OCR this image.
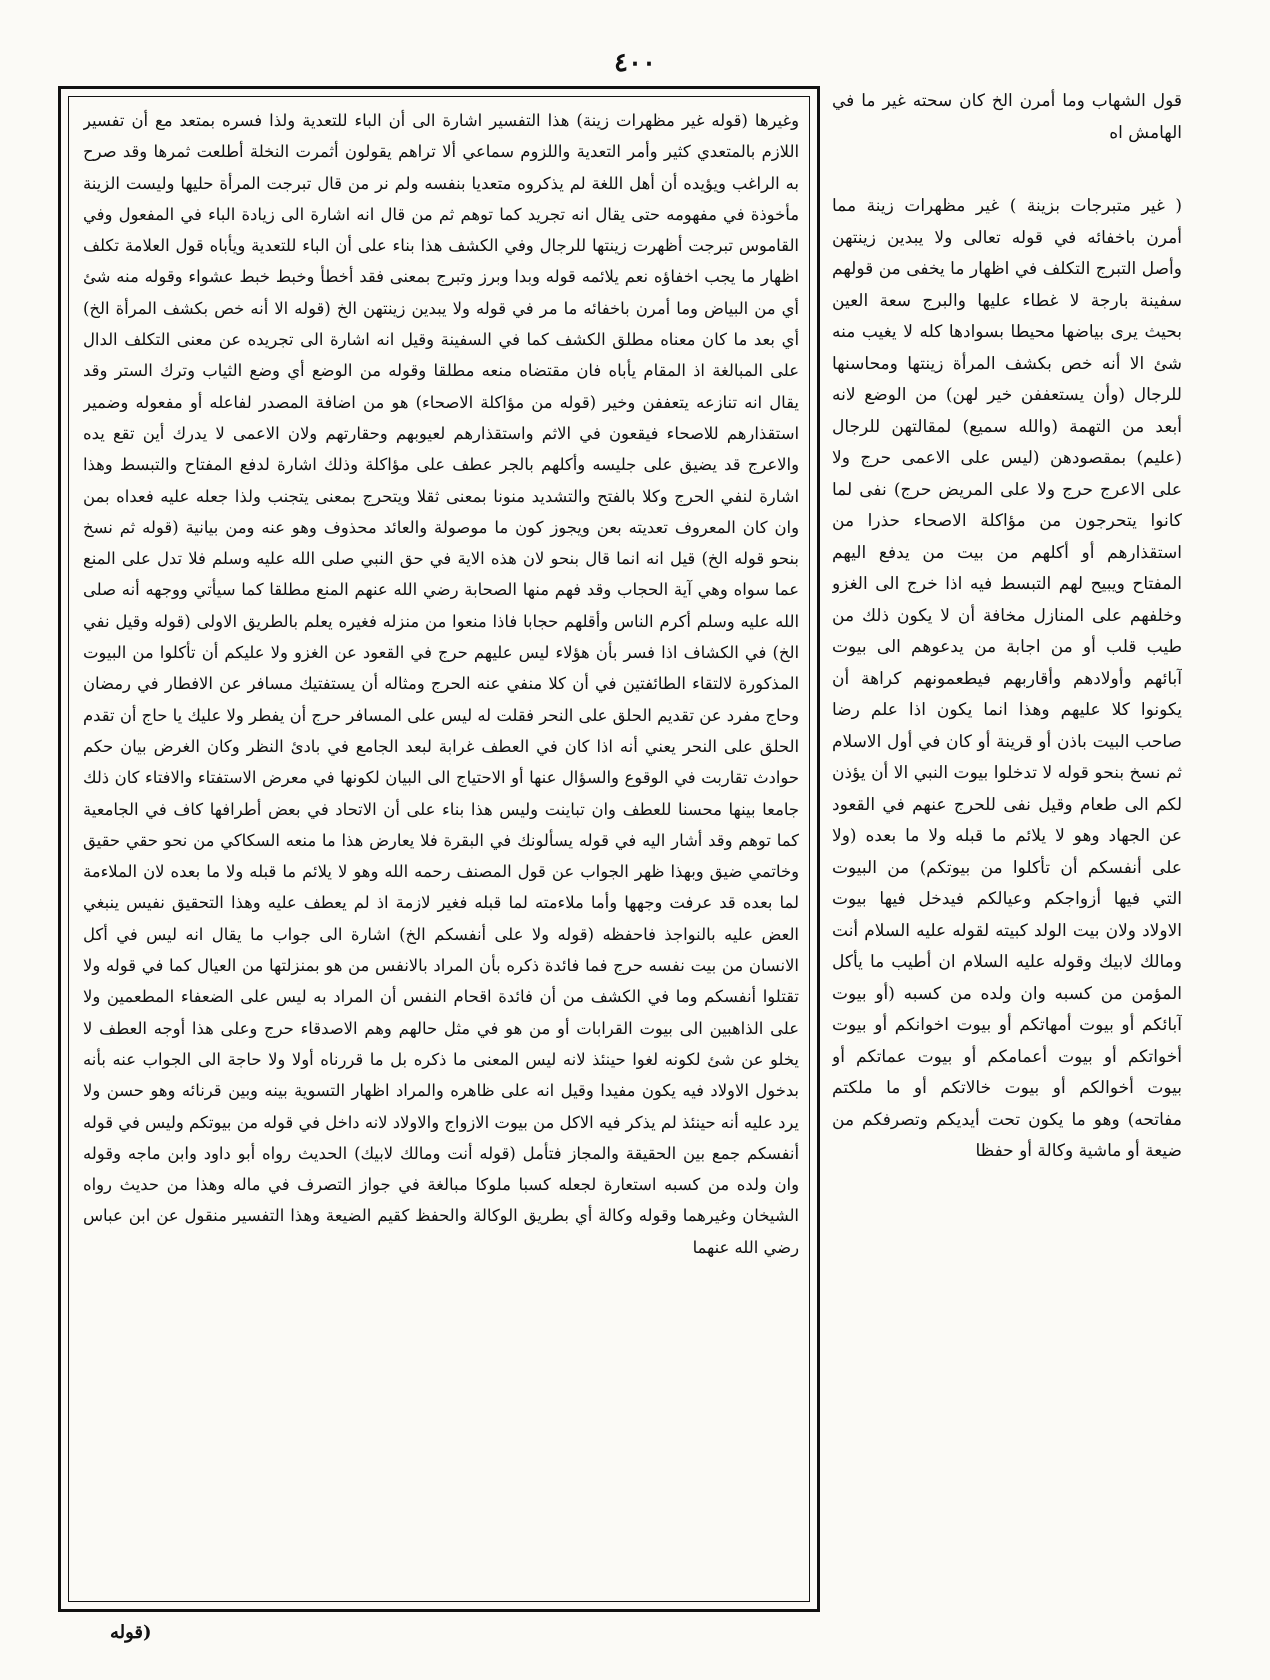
٤٠٠

قول الشهاب وما أمرن الخ كان سحته غير ما في الهامش اه

( غير متبرجات بزينة ) غير مظهرات زينة مما أمرن باخفائه في قوله تعالى ولا يبدين زينتهن وأصل التبرج التكلف في اظهار ما يخفى من قولهم سفينة بارجة لا غطاء عليها والبرج سعة العين بحيث يرى بياضها محيطا بسوادها كله لا يغيب منه شئ الا أنه خص بكشف المرأة زينتها ومحاسنها للرجال (وأن يستعففن خير لهن) من الوضع لانه أبعد من التهمة (والله سميع) لمقالتهن للرجال (عليم) بمقصودهن (ليس على الاعمى حرج ولا على الاعرج حرج ولا على المريض حرج) نفى لما كانوا يتحرجون من مؤاكلة الاصحاء حذرا من استقذارهم أو أكلهم من بيت من يدفع اليهم المفتاح ويبيح لهم التبسط فيه اذا خرج الى الغزو وخلفهم على المنازل مخافة أن لا يكون ذلك من طيب قلب أو من اجابة من يدعوهم الى بيوت آبائهم وأولادهم وأقاربهم فيطعمونهم كراهة أن يكونوا كلا عليهم وهذا انما يكون اذا علم رضا صاحب البيت باذن أو قرينة أو كان في أول الاسلام ثم نسخ بنحو قوله لا تدخلوا بيوت النبي الا أن يؤذن لكم الى طعام وقيل نفى للحرج عنهم في القعود عن الجهاد وهو لا يلائم ما قبله ولا ما بعده (ولا على أنفسكم أن تأكلوا من بيوتكم) من البيوت التي فيها أزواجكم وعيالكم فيدخل فيها بيوت الاولاد ولان بيت الولد كبيته لقوله عليه السلام أنت ومالك لابيك وقوله عليه السلام ان أطيب ما يأكل المؤمن من كسبه وان ولده من كسبه (أو بيوت آبائكم أو بيوت أمهاتكم أو بيوت اخوانكم أو بيوت أخواتكم أو بيوت أعمامكم أو بيوت عماتكم أو بيوت أخوالكم أو بيوت خالاتكم أو ما ملكتم مفاتحه) وهو ما يكون تحت أيديكم وتصرفكم من ضيعة أو ماشية وكالة أو حفظا

وغيرها (قوله غير مظهرات زينة) هذا التفسير اشارة الى أن الباء للتعدية ولذا فسره بمتعد مع أن تفسير اللازم بالمتعدي كثير وأمر التعدية واللزوم سماعي ألا تراهم يقولون أثمرت النخلة أطلعت ثمرها وقد صرح به الراغب ويؤيده أن أهل اللغة لم يذكروه متعديا بنفسه ولم نر من قال تبرجت المرأة حليها وليست الزينة مأخوذة في مفهومه حتى يقال انه تجريد كما توهم ثم من قال انه اشارة الى زيادة الباء في المفعول وفي القاموس تبرجت أظهرت زينتها للرجال وفي الكشف هذا بناء على أن الباء للتعدية ويأباه قول العلامة تكلف اظهار ما يجب اخفاؤه نعم يلائمه قوله وبدا وبرز وتبرج بمعنى فقد أخطأ وخبط خبط عشواء وقوله منه شئ أي من البياض وما أمرن باخفائه ما مر في قوله ولا يبدين زينتهن الخ (قوله الا أنه خص بكشف المرأة الخ) أي بعد ما كان معناه مطلق الكشف كما في السفينة وقيل انه اشارة الى تجريده عن معنى التكلف الدال على المبالغة اذ المقام يأباه فان مقتضاه منعه مطلقا وقوله من الوضع أي وضع الثياب وترك الستر وقد يقال انه تنازعه يتعففن وخير (قوله من مؤاكلة الاصحاء) هو من اضافة المصدر لفاعله أو مفعوله وضمير استقذارهم للاصحاء فيقعون في الاثم واستقذارهم لعيوبهم وحقارتهم ولان الاعمى لا يدرك أين تقع يده والاعرج قد يضيق على جليسه وأكلهم بالجر عطف على مؤاكلة وذلك اشارة لدفع المفتاح والتبسط وهذا اشارة لنفي الحرج وكلا بالفتح والتشديد منونا بمعنى ثقلا ويتحرج بمعنى يتجنب ولذا جعله عليه فعداه بمن وان كان المعروف تعديته بعن ويجوز كون ما موصولة والعائد محذوف وهو عنه ومن بيانية (قوله ثم نسخ بنحو قوله الخ) قيل انه انما قال بنحو لان هذه الاية في حق النبي صلى الله عليه وسلم فلا تدل على المنع عما سواه وهي آية الحجاب وقد فهم منها الصحابة رضي الله عنهم المنع مطلقا كما سيأتي ووجهه أنه صلى الله عليه وسلم أكرم الناس وأقلهم حجابا فاذا منعوا من منزله فغيره يعلم بالطريق الاولى (قوله وقيل نفي الخ) في الكشاف اذا فسر بأن هؤلاء ليس عليهم حرج في القعود عن الغزو ولا عليكم أن تأكلوا من البيوت المذكورة لالتقاء الطائفتين في أن كلا منفي عنه الحرج ومثاله أن يستفتيك مسافر عن الافطار في رمضان وحاج مفرد عن تقديم الحلق على النحر فقلت له ليس على المسافر حرج أن يفطر ولا عليك يا حاج أن تقدم الحلق على النحر يعني أنه اذا كان في العطف غرابة لبعد الجامع في بادئ النظر وكان الغرض بيان حكم حوادث تقاربت في الوقوع والسؤال عنها أو الاحتياج الى البيان لكونها في معرض الاستفتاء والافتاء كان ذلك جامعا بينها محسنا للعطف وان تباينت وليس هذا بناء على أن الاتحاد في بعض أطرافها كاف في الجامعية كما توهم وقد أشار اليه في قوله يسألونك في البقرة فلا يعارض هذا ما منعه السكاكي من نحو حقي حقيق وخاتمي ضيق وبهذا ظهر الجواب عن قول المصنف رحمه الله وهو لا يلائم ما قبله ولا ما بعده لان الملاءمة لما بعده قد عرفت وجهها وأما ملاءمته لما قبله فغير لازمة اذ لم يعطف عليه وهذا التحقيق نفيس ينبغي العض عليه بالنواجذ فاحفظه (قوله ولا على أنفسكم الخ) اشارة الى جواب ما يقال انه ليس في أكل الانسان من بيت نفسه حرج فما فائدة ذكره بأن المراد بالانفس من هو بمنزلتها من العيال كما في قوله ولا تقتلوا أنفسكم وما في الكشف من أن فائدة اقحام النفس أن المراد به ليس على الضعفاء المطعمين ولا على الذاهبين الى بيوت القرابات أو من هو في مثل حالهم وهم الاصدقاء حرج وعلى هذا أوجه العطف لا يخلو عن شئ لكونه لغوا حينئذ لانه ليس المعنى ما ذكره بل ما قررناه أولا ولا حاجة الى الجواب عنه بأنه بدخول الاولاد فيه يكون مفيدا وقيل انه على ظاهره والمراد اظهار التسوية بينه وبين قرنائه وهو حسن ولا يرد عليه أنه حينئذ لم يذكر فيه الاكل من بيوت الازواج والاولاد لانه داخل في قوله من بيوتكم وليس في قوله أنفسكم جمع بين الحقيقة والمجاز فتأمل (قوله أنت ومالك لابيك) الحديث رواه أبو داود وابن ماجه وقوله وان ولده من كسبه استعارة لجعله كسبا ملوكا مبالغة في جواز التصرف في ماله وهذا من حديث رواه الشيخان وغيرهما وقوله وكالة أي بطريق الوكالة والحفظ كقيم الضيعة وهذا التفسير منقول عن ابن عباس رضي الله عنهما

(قوله
